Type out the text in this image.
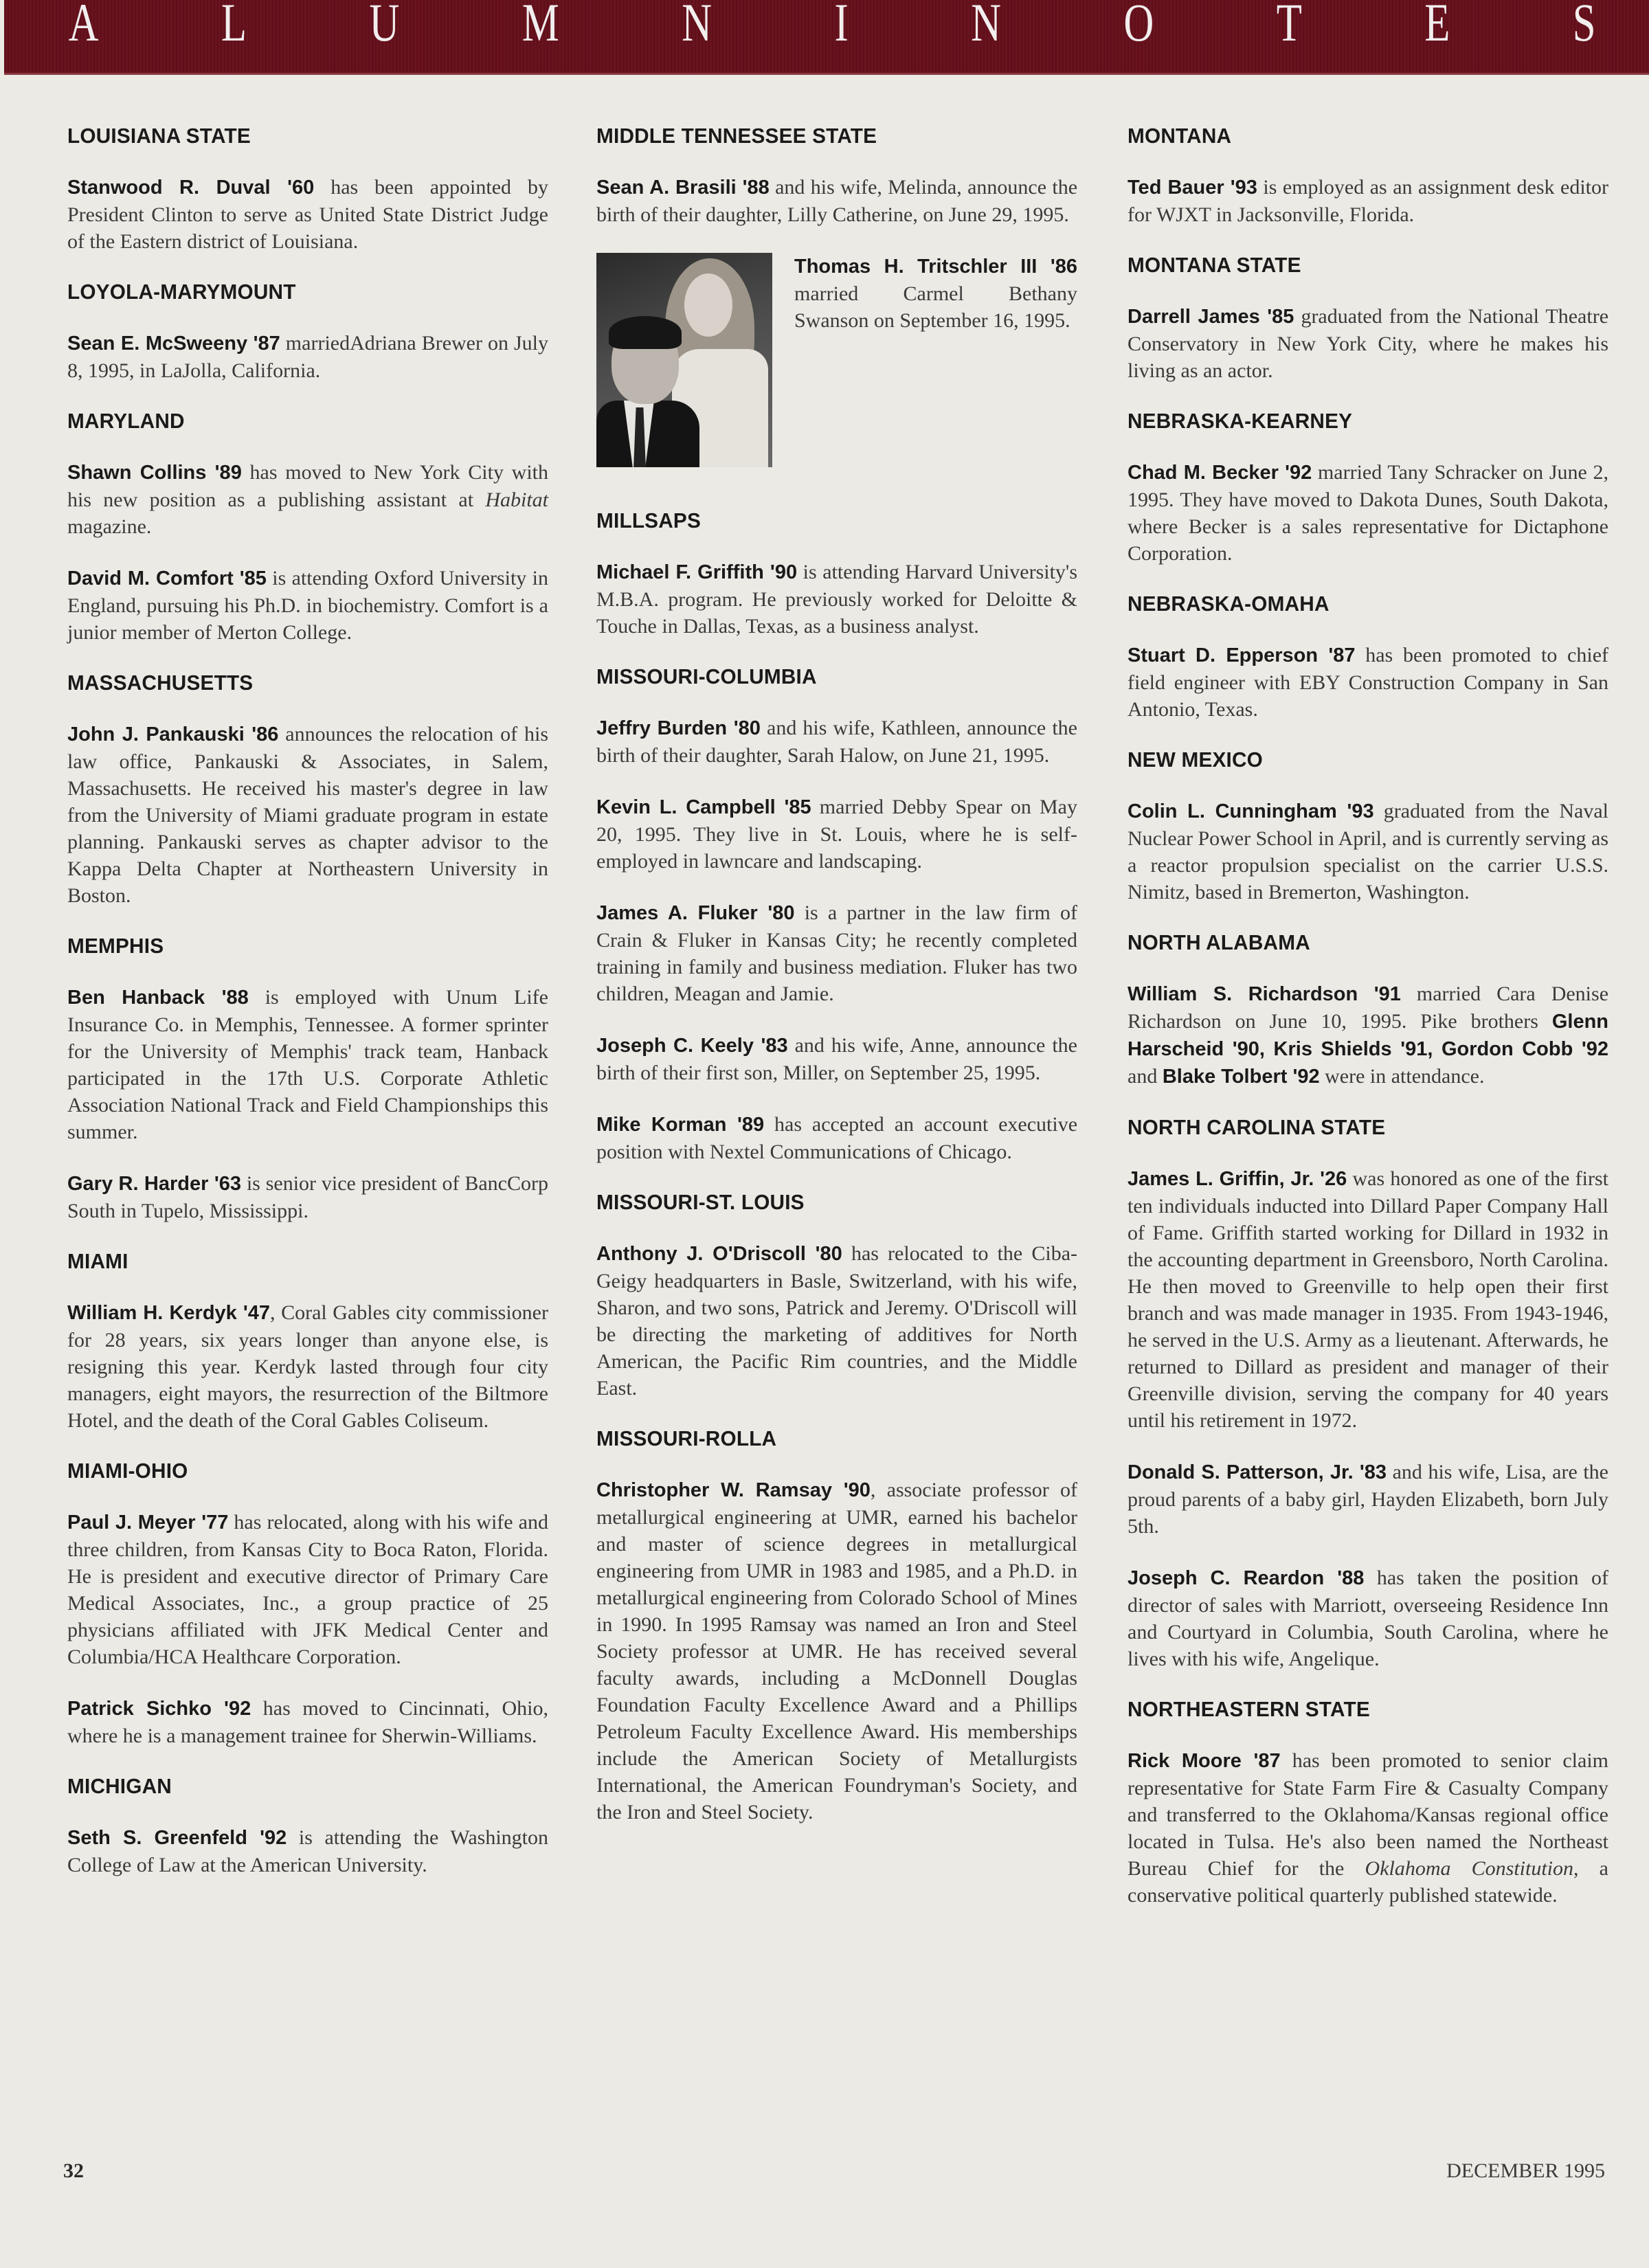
A L U M N I N O T E S
LOUISIANA STATE

Stanwood R. Duval '60 has been appointed by President Clinton to serve as United State District Judge of the Eastern district of Louisiana.

LOYOLA-MARYMOUNT

Sean E. McSweeny '87 marriedAdriana Brewer on July 8, 1995, in LaJolla, California.

MARYLAND

Shawn Collins '89 has moved to New York City with his new position as a publishing assistant at Habitat magazine.

David M. Comfort '85 is attending Oxford University in England, pursuing his Ph.D. in biochemistry. Comfort is a junior member of Merton College.

MASSACHUSETTS

John J. Pankauski '86 announces the relocation of his law office, Pankauski & Associates, in Salem, Massachusetts. He received his master's degree in law from the University of Miami graduate program in estate planning. Pankauski serves as chapter advisor to the Kappa Delta Chapter at Northeastern University in Boston.

MEMPHIS

Ben Hanback '88 is employed with Unum Life Insurance Co. in Memphis, Tennessee. A former sprinter for the University of Memphis' track team, Hanback participated in the 17th U.S. Corporate Athletic Association National Track and Field Championships this summer.

Gary R. Harder '63 is senior vice president of BancCorp South in Tupelo, Mississippi.

MIAMI

William H. Kerdyk '47, Coral Gables city commissioner for 28 years, six years longer than anyone else, is resigning this year. Kerdyk lasted through four city managers, eight mayors, the resurrection of the Biltmore Hotel, and the death of the Coral Gables Coliseum.

MIAMI-OHIO

Paul J. Meyer '77 has relocated, along with his wife and three children, from Kansas City to Boca Raton, Florida. He is president and executive director of Primary Care Medical Associates, Inc., a group practice of 25 physicians affiliated with JFK Medical Center and Columbia/HCA Healthcare Corporation.

Patrick Sichko '92 has moved to Cincinnati, Ohio, where he is a management trainee for Sherwin-Williams.

MICHIGAN

Seth S. Greenfeld '92 is attending the Washington College of Law at the American University.

MIDDLE TENNESSEE STATE

Sean A. Brasili '88 and his wife, Melinda, announce the birth of their daughter, Lilly Catherine, on June 29, 1995.

Thomas H. Tritschler III '86 married Carmel Bethany Swanson on September 16, 1995.

MILLSAPS

Michael F. Griffith '90 is attending Harvard University's M.B.A. program. He previously worked for Deloitte & Touche in Dallas, Texas, as a business analyst.

MISSOURI-COLUMBIA

Jeffry Burden '80 and his wife, Kathleen, announce the birth of their daughter, Sarah Halow, on June 21, 1995.

Kevin L. Campbell '85 married Debby Spear on May 20, 1995. They live in St. Louis, where he is self-employed in lawncare and landscaping.

James A. Fluker '80 is a partner in the law firm of Crain & Fluker in Kansas City; he recently completed training in family and business mediation. Fluker has two children, Meagan and Jamie.

Joseph C. Keely '83 and his wife, Anne, announce the birth of their first son, Miller, on September 25, 1995.

Mike Korman '89 has accepted an account executive position with Nextel Communications of Chicago.

MISSOURI-ST. LOUIS

Anthony J. O'Driscoll '80 has relocated to the Ciba-Geigy headquarters in Basle, Switzerland, with his wife, Sharon, and two sons, Patrick and Jeremy. O'Driscoll will be directing the marketing of additives for North American, the Pacific Rim countries, and the Middle East.

MISSOURI-ROLLA

Christopher W. Ramsay '90, associate professor of metallurgical engineering at UMR, earned his bachelor and master of science degrees in metallurgical engineering from UMR in 1983 and 1985, and a Ph.D. in metallurgical engineering from Colorado School of Mines in 1990. In 1995 Ramsay was named an Iron and Steel Society professor at UMR. He has received several faculty awards, including a McDonnell Douglas Foundation Faculty Excellence Award and a Phillips Petroleum Faculty Excellence Award. His memberships include the American Society of Metallurgists International, the American Foundryman's Society, and the Iron and Steel Society.

MONTANA

Ted Bauer '93 is employed as an assignment desk editor for WJXT in Jacksonville, Florida.

MONTANA STATE

Darrell James '85 graduated from the National Theatre Conservatory in New York City, where he makes his living as an actor.

NEBRASKA-KEARNEY

Chad M. Becker '92 married Tany Schracker on June 2, 1995. They have moved to Dakota Dunes, South Dakota, where Becker is a sales representative for Dictaphone Corporation.

NEBRASKA-OMAHA

Stuart D. Epperson '87 has been promoted to chief field engineer with EBY Construction Company in San Antonio, Texas.

NEW MEXICO

Colin L. Cunningham '93 graduated from the Naval Nuclear Power School in April, and is currently serving as a reactor propulsion specialist on the carrier U.S.S. Nimitz, based in Bremerton, Washington.

NORTH ALABAMA

William S. Richardson '91 married Cara Denise Richardson on June 10, 1995. Pike brothers Glenn Harscheid '90, Kris Shields '91, Gordon Cobb '92 and Blake Tolbert '92 were in attendance.

NORTH CAROLINA STATE

James L. Griffin, Jr. '26 was honored as one of the first ten individuals inducted into Dillard Paper Company Hall of Fame. Griffith started working for Dillard in 1932 in the accounting department in Greensboro, North Carolina. He then moved to Greenville to help open their first branch and was made manager in 1935. From 1943-1946, he served in the U.S. Army as a lieutenant. Afterwards, he returned to Dillard as president and manager of their Greenville division, serving the company for 40 years until his retirement in 1972.

Donald S. Patterson, Jr. '83 and his wife, Lisa, are the proud parents of a baby girl, Hayden Elizabeth, born July 5th.

Joseph C. Reardon '88 has taken the position of director of sales with Marriott, overseeing Residence Inn and Courtyard in Columbia, South Carolina, where he lives with his wife, Angelique.

NORTHEASTERN STATE

Rick Moore '87 has been promoted to senior claim representative for State Farm Fire & Casualty Company and transferred to the Oklahoma/Kansas regional office located in Tulsa. He's also been named the Northeast Bureau Chief for the Oklahoma Constitution, a conservative political quarterly published statewide.

32	DECEMBER 1995
